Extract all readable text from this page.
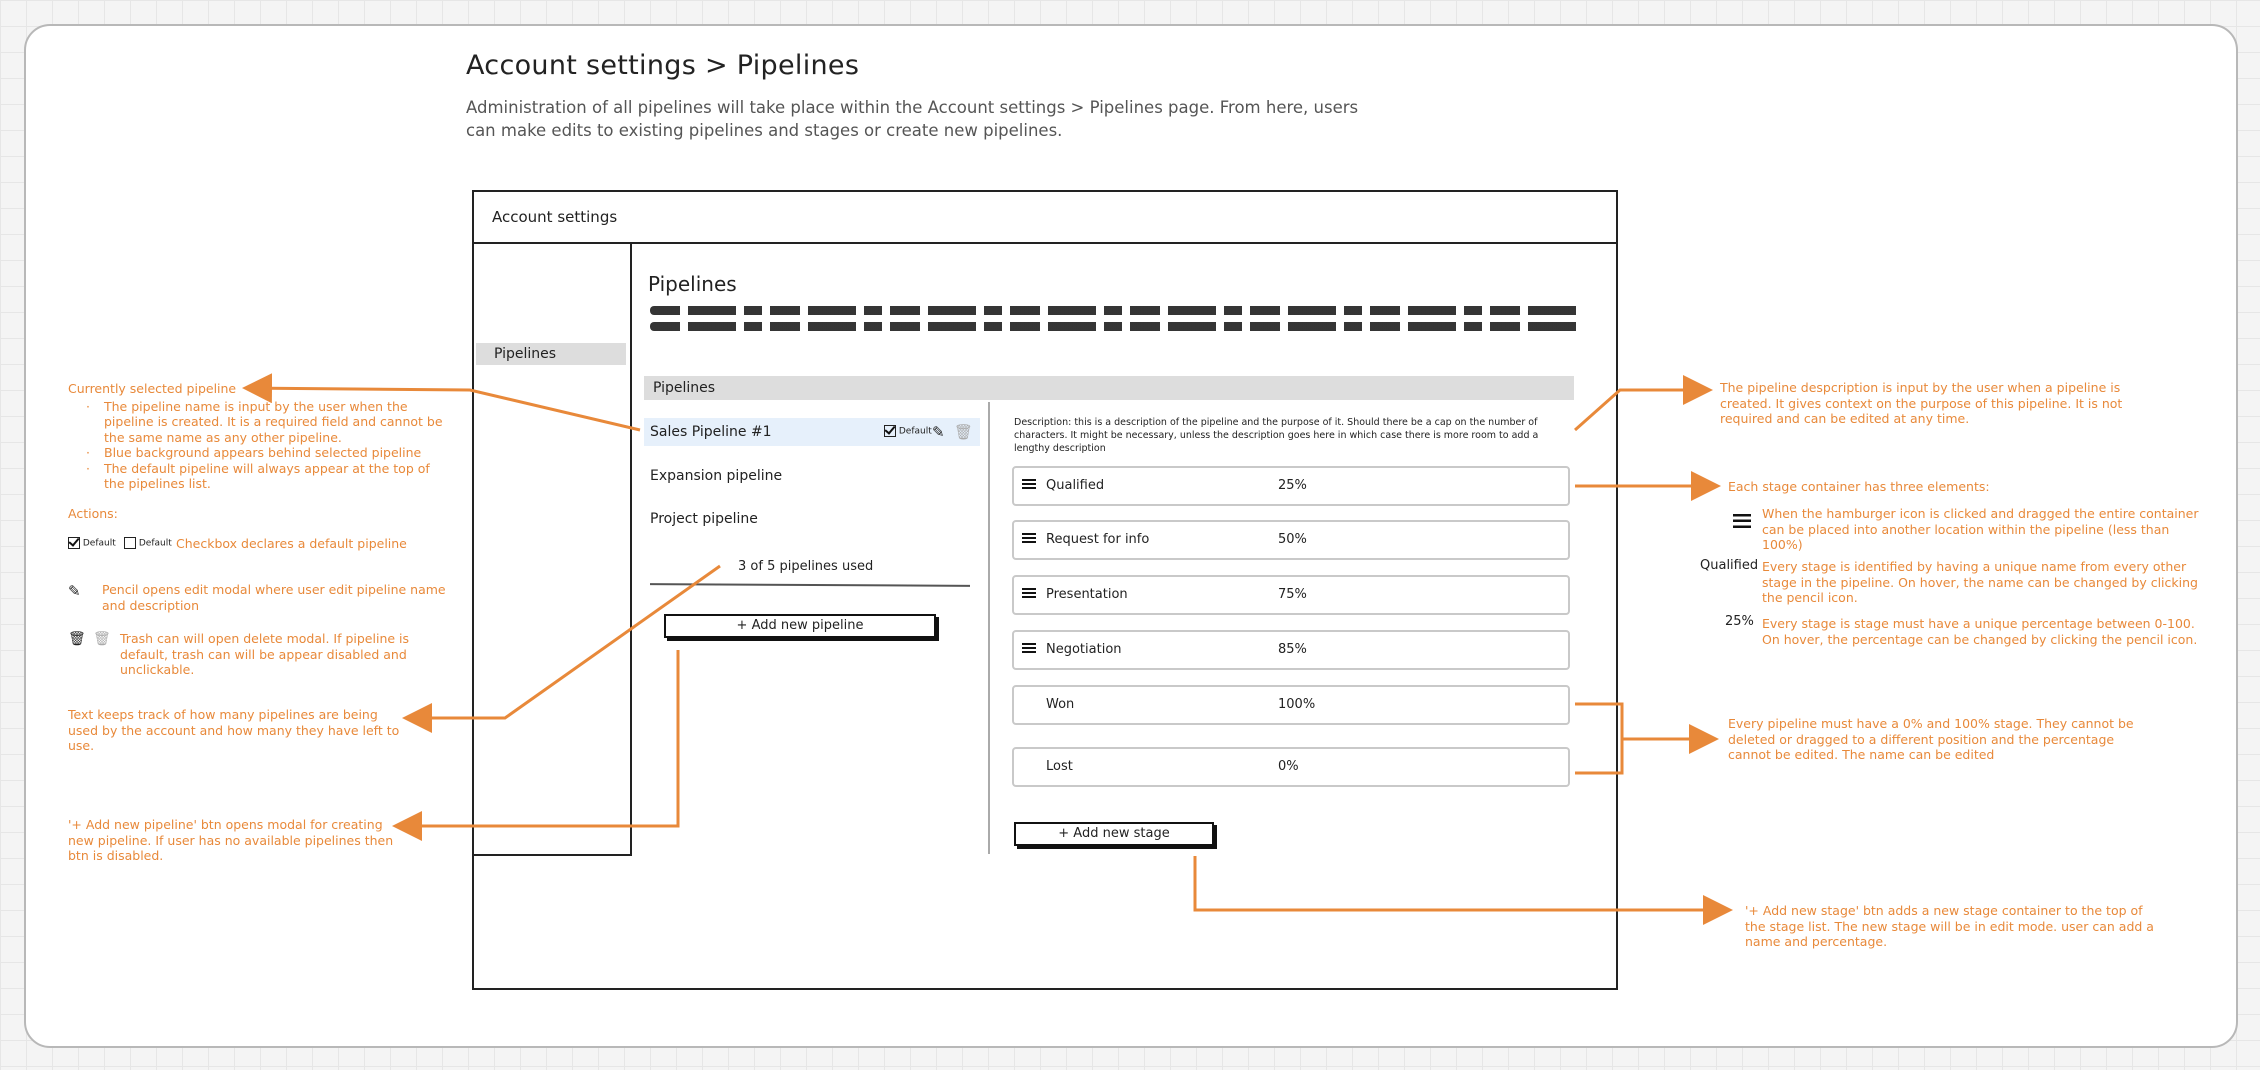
Account settings > Pipelines
Administration of all pipelines will take place within the Account settings > Pipelines page. From here, users can make edits to existing pipelines and stages or create new pipelines.
Account settings
Pipelines
Pipelines
Pipelines
Sales Pipeline #1	Default ✎ 🗑
Expansion pipeline
Project pipeline
3 of 5 pipelines used
+ Add new pipeline
Description: this is a description of the pipeline and the purpose of it. Should there be a cap on the number of characters. It might be necessary, unless the description goes here in which case there is more room to add a lengthy description
Qualified	25%
Request for info	50%
Presentation	75%
Negotiation	85%
Won	100%
Lost	0%
+ Add new stage
Currently selected pipeline
· The pipeline name is input by the user when the pipeline is created. It is a required field and cannot be the same name as any other pipeline.
· Blue background appears behind selected pipeline
· The default pipeline will always appear at the top of the pipelines list.
Actions:
Default	Default Checkbox declares a default pipeline
✎ Pencil opens edit modal where user edit pipeline name and description
🗑 🗑 Trash can will open delete modal. If pipeline is default, trash can will be appear disabled and unclickable.
Text keeps track of how many pipelines are being used by the account and how many they have left to use.
'+ Add new pipeline' btn opens modal for creating new pipeline. If user has no available pipelines then btn is disabled.
The pipeline despcription is input by the user when a pipeline is created. It gives context on the purpose of this pipeline. It is not required and can be edited at any time.
Each stage container has three elements:
When the hamburger icon is clicked and dragged the entire container can be placed into another location within the pipeline (less than 100%)
Qualified Every stage is identified by having a unique name from every other stage in the pipeline. On hover, the name can be changed by clicking the pencil icon.
25% Every stage is stage must have a unique percentage between 0-100. On hover, the percentage can be changed by clicking the pencil icon.
Every pipeline must have a 0% and 100% stage. They cannot be deleted or dragged to a different position and the percentage cannot be edited. The name can be edited
'+ Add new stage' btn adds a new stage container to the top of the stage list. The new stage will be in edit mode. user can add a name and percentage.
